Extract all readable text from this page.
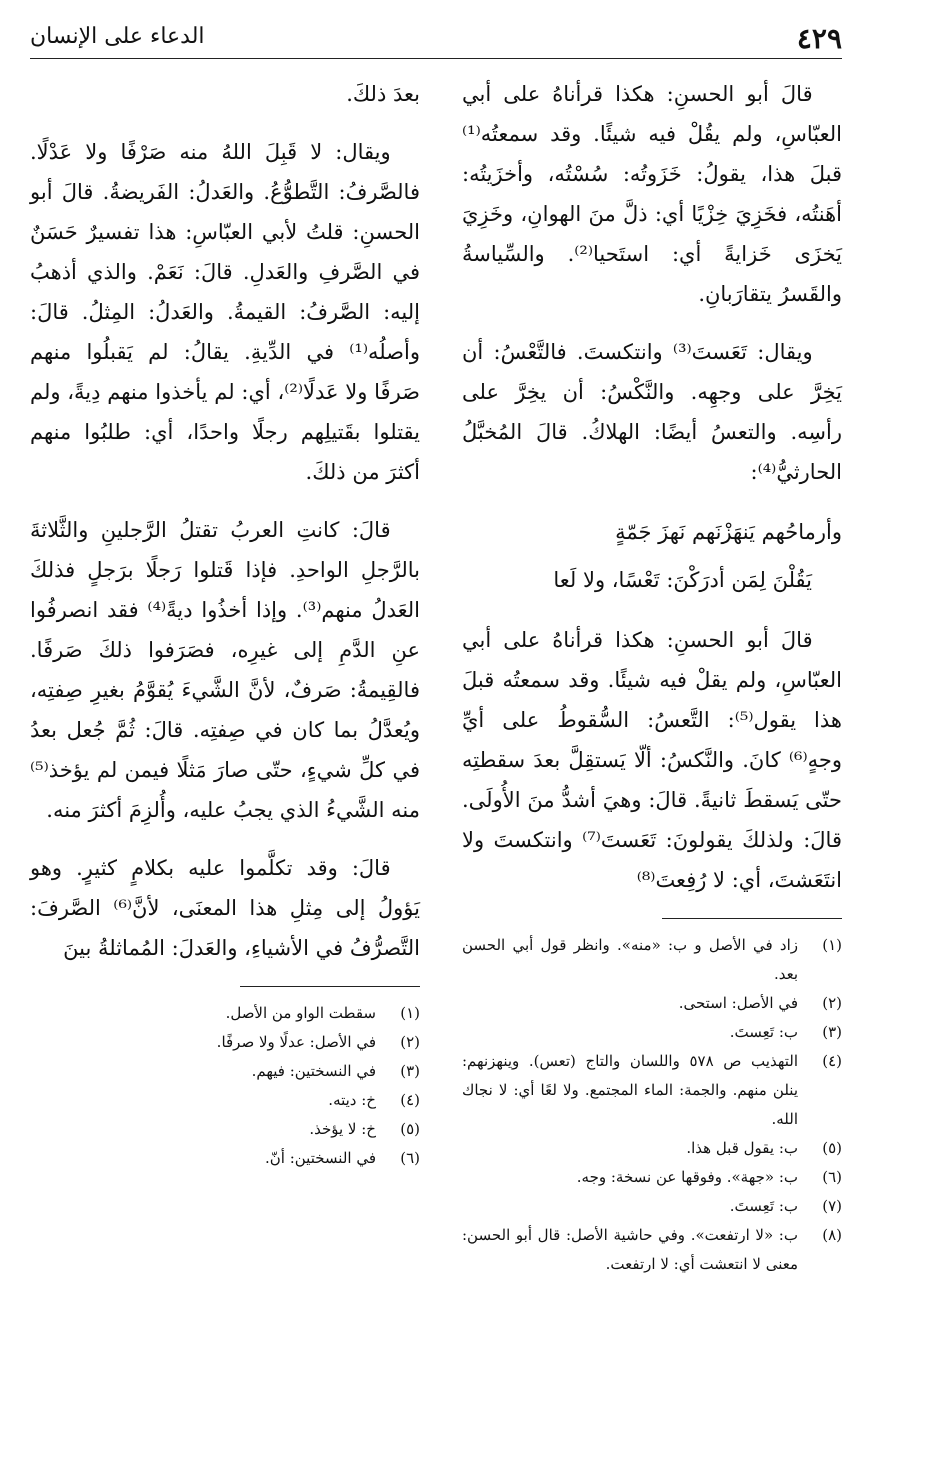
٤٢٩
الدعاء على الإنسان

قالَ أبو الحسنِ: هكذا قرأناهُ على أبي العبّاسِ، ولم يقُلْ فيه شيئًا. وقد سمعتُه⁽¹⁾ قبلَ هذا، يقولُ: خَزَوتُه: سُسْتُه، وأخزَيتُه: أهَنتُه، فخَزِيَ خِزْيًا أي: ذلَّ منَ الهوانِ، وخَزِيَ يَخزَى خَزايةً أي: استَحيا⁽²⁾. والسِّياسةُ والقَسرُ يتقارَبانِ.

ويقال: تَعَستَ⁽³⁾ وانتكستَ. فالتَّعْسُ: أن يَخِرَّ على وجهِه. والنَّكْسُ: أن يخِرَّ على رأسِه. والتعسُ أيضًا: الهلاكُ. قالَ المُخبَّلُ الحارثيُّ⁽⁴⁾:

وأرماحُهم يَنهَزْنَهم نَهزَ جَمّةٍ
يَقُلْنَ لِمَن أدرَكْنَ: تَعْسًا، ولا لَعا

قالَ أبو الحسنِ: هكذا قرأناهُ على أبي العبّاسِ، ولم يقلْ فيه شيئًا. وقد سمعتُه قبلَ هذا يقول⁽⁵⁾: التَّعسُ: السُّقوطُ على أيِّ وجهٍ⁽⁶⁾ كانَ. والنَّكسُ: ألّا يَستقِلَّ بعدَ سقطتِه حتّى يَسقطَ ثانيةً. قالَ: وهيَ أشدُّ منَ الأُولَى. قالَ: ولذلكَ يقولونَ: تَعَستَ⁽⁷⁾ وانتكستَ ولا انتَعَشتَ، أي: لا رُفِعتَ⁽⁸⁾

(١)
زاد في الأصل و ب: «منه». وانظر قول أبي الحسن بعد.
(٢)
في الأصل: استحى.
(٣)
ب: تَعِستَ.
(٤)
التهذيب ص ٥٧٨ واللسان والتاج (تعس). وينهزنهم: ينلن منهم. والجمة: الماء المجتمع. ولا لعًا أي: لا نجاك الله.
(٥)
ب: يقول قبل هذا.
(٦)
ب: «جهة». وفوقها عن نسخة: وجه.
(٧)
ب: تَعِستَ.
(٨)
ب: «لا ارتفعت». وفي حاشية الأصل: قال أبو الحسن: معنى لا انتعشت أي: لا ارتفعت.

بعدَ ذلكَ.

ويقال: لا قَبِلَ اللهُ منه صَرْفًا ولا عَدْلًا. فالصَّرفُ: التَّطوُّعُ. والعَدلُ: الفَريضةُ. قالَ أبو الحسنِ: قلتُ لأبي العبّاسِ: هذا تفسيرٌ حَسَنٌ في الصَّرفِ والعَدلِ. قالَ: نَعَمْ. والذي أذهبُ إليه: الصَّرفُ: القيمةُ. والعَدلُ: المِثلُ. قالَ: وأصلُه⁽¹⁾ في الدِّيةِ. يقالُ: لم يَقبلُوا منهم صَرفًا ولا عَدلًا⁽²⁾، أي: لم يأخذوا منهم دِيةً، ولم يقتلوا بقَتيلِهم رجلًا واحدًا، أي: طلبُوا منهم أكثرَ من ذلكَ.

قالَ: كانتِ العربُ تقتلُ الرَّجلينِ والثَّلاثةَ بالرَّجلِ الواحدِ. فإذا قَتلوا رَجلًا برَجلٍ فذلكَ العَدلُ منهم⁽³⁾. وإذا أخذُوا ديةً⁽⁴⁾ فقد انصرفُوا عنِ الدَّمِ إلى غيرِه، فصَرَفوا ذلكَ صَرفًا. فالقِيمةُ: صَرفٌ، لأنَّ الشَّيءَ يُقوَّمُ بغيرِ صِفتِه، ويُعدَّلُ بما كان في صِفتِه. قالَ: ثُمَّ جُعل بعدُ في كلِّ شيءٍ، حتّى صارَ مَثلًا فيمن لم يؤخذ⁽⁵⁾ منه الشَّيءُ الذي يجبُ عليه، وأُلزِمَ أكثرَ منه.

قالَ: وقد تكلَّموا عليه بكلامٍ كثيرٍ. وهو يَؤولُ إلى مِثلِ هذا المعنَى، لأنَّ⁽⁶⁾ الصَّرفَ: التَّصرُّفُ في الأشياءِ، والعَدلَ: المُماثلةُ بينَ

(١)
سقطت الواو من الأصل.
(٢)
في الأصل: عدلًا ولا صرفًا.
(٣)
في النسختين: فيهم.
(٤)
خ: ديته.
(٥)
خ: لا يؤخذ.
(٦)
في النسختين: أنّ.
